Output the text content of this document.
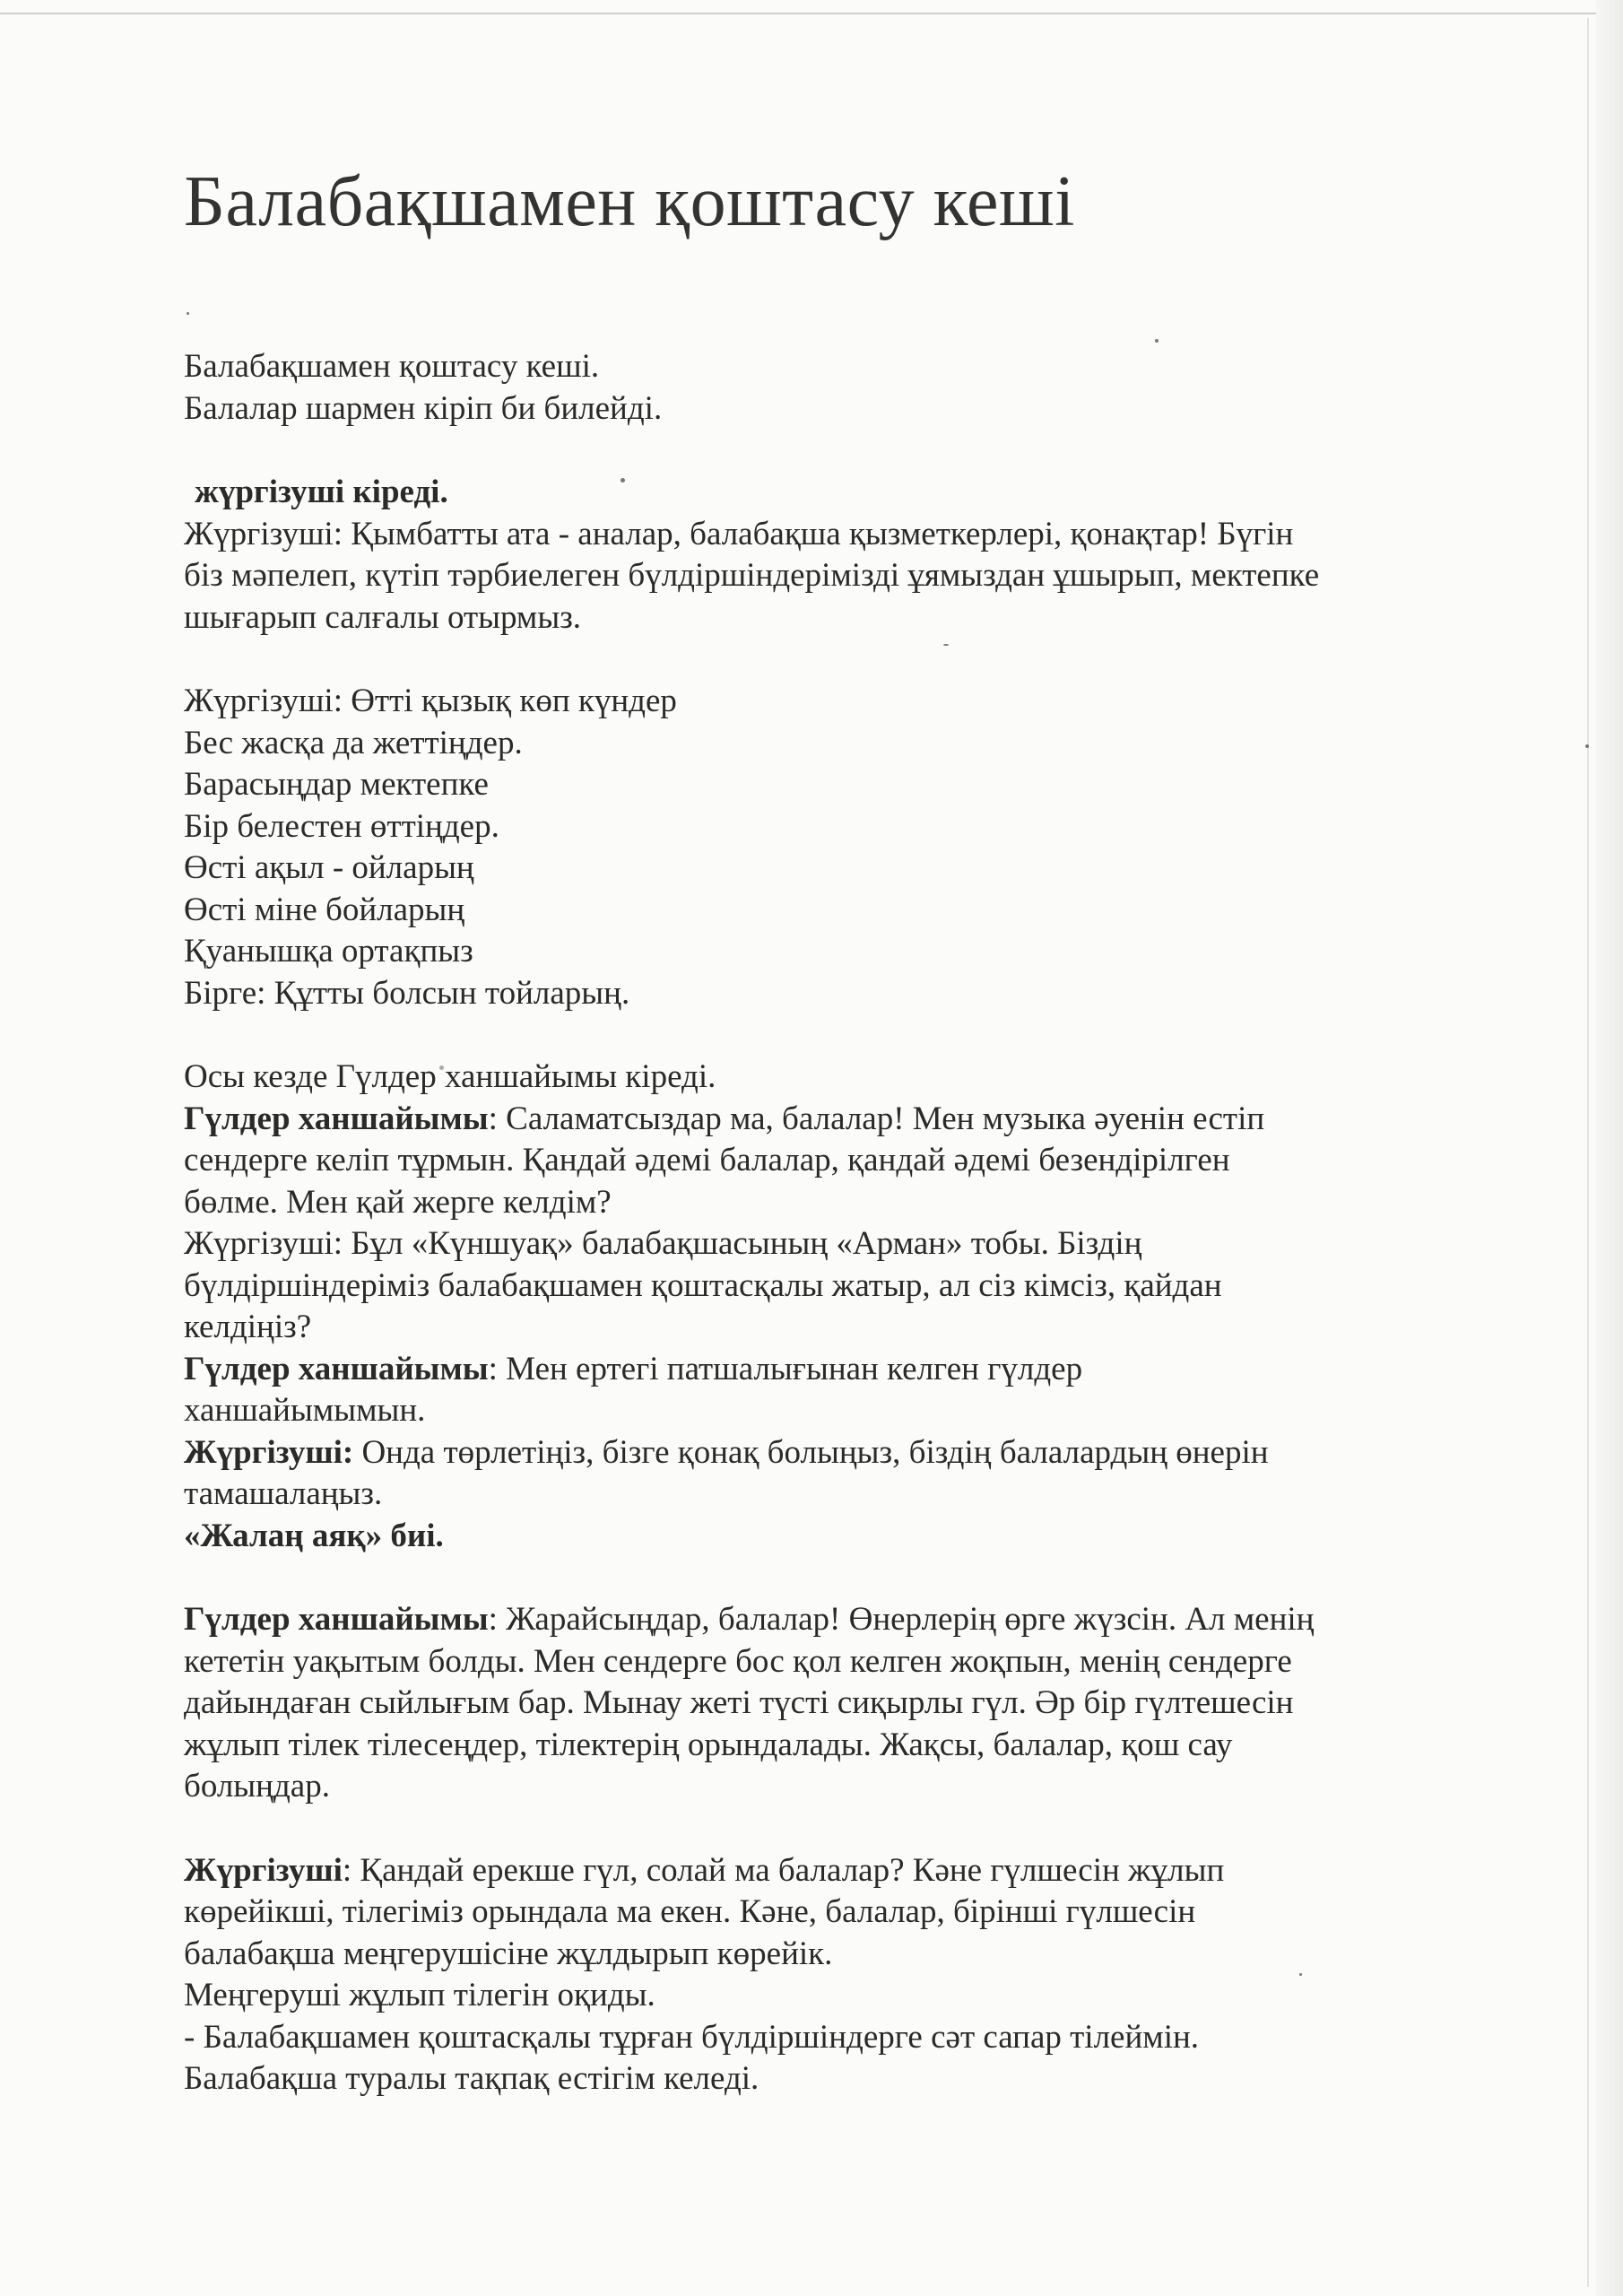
Балабақшамен қоштасу кеші

Балабақшамен қоштасу кеші.

Балалар шармен кіріп би билейді.

жүргізуші кіреді.

Жүргізуші: Қымбатты ата - аналар, балабақша қызметкерлері, қонақтар! Бүгін

біз мәпелеп, күтіп тәрбиелеген бүлдіршіндерімізді ұямыздан ұшырып, мектепке

шығарып салғалы отырмыз.

Жүргізуші: Өтті қызық көп күндер

Бес жасқа да жеттіңдер.

Барасыңдар мектепке

Бір белестен өттіңдер.

Өсті ақыл - ойларың

Өсті міне бойларың

Қуанышқа ортақпыз

Бірге: Құтты болсын тойларың.

Осы кезде Гүлдер ханшайымы кіреді.

Гүлдер ханшайымы: Саламатсыздар ма, балалар! Мен музыка әуенін естіп

сендерге келіп тұрмын. Қандай әдемі балалар, қандай әдемі безендірілген

бөлме. Мен қай жерге келдім?

Жүргізуші: Бұл «Күншуақ» балабақшасының «Арман» тобы. Біздің

бүлдіршіндеріміз балабақшамен қоштасқалы жатыр, ал сіз кімсіз, қайдан

келдіңіз?

Гүлдер ханшайымы: Мен ертегі патшалығынан келген гүлдер

ханшайымымын.

Жүргізуші: Онда төрлетіңіз, бізге қонақ болыңыз, біздің балалардың өнерін

тамашалаңыз.

«Жалаң аяқ» биі.

Гүлдер ханшайымы: Жарайсыңдар, балалар! Өнерлерің өрге жүзсін. Ал менің

кететін уақытым болды. Мен сендерге бос қол келген жоқпын, менің сендерге

дайындаған сыйлығым бар. Мынау жеті түсті сиқырлы гүл. Әр бір гүлтешесін

жұлып тілек тілесеңдер, тілектерің орындалады. Жақсы, балалар, қош сау

болыңдар.

Жүргізуші: Қандай ерекше гүл, солай ма балалар? Кәне гүлшесін жұлып

көрейікші, тілегіміз орындала ма екен. Кәне, балалар, бірінші гүлшесін

балабақша меңгерушісіне жұлдырып көрейік.

Меңгеруші жұлып тілегін оқиды.

- Балабақшамен қоштасқалы тұрған бүлдіршіндерге сәт сапар тілеймін.

Балабақша туралы тақпақ естігім келеді.
